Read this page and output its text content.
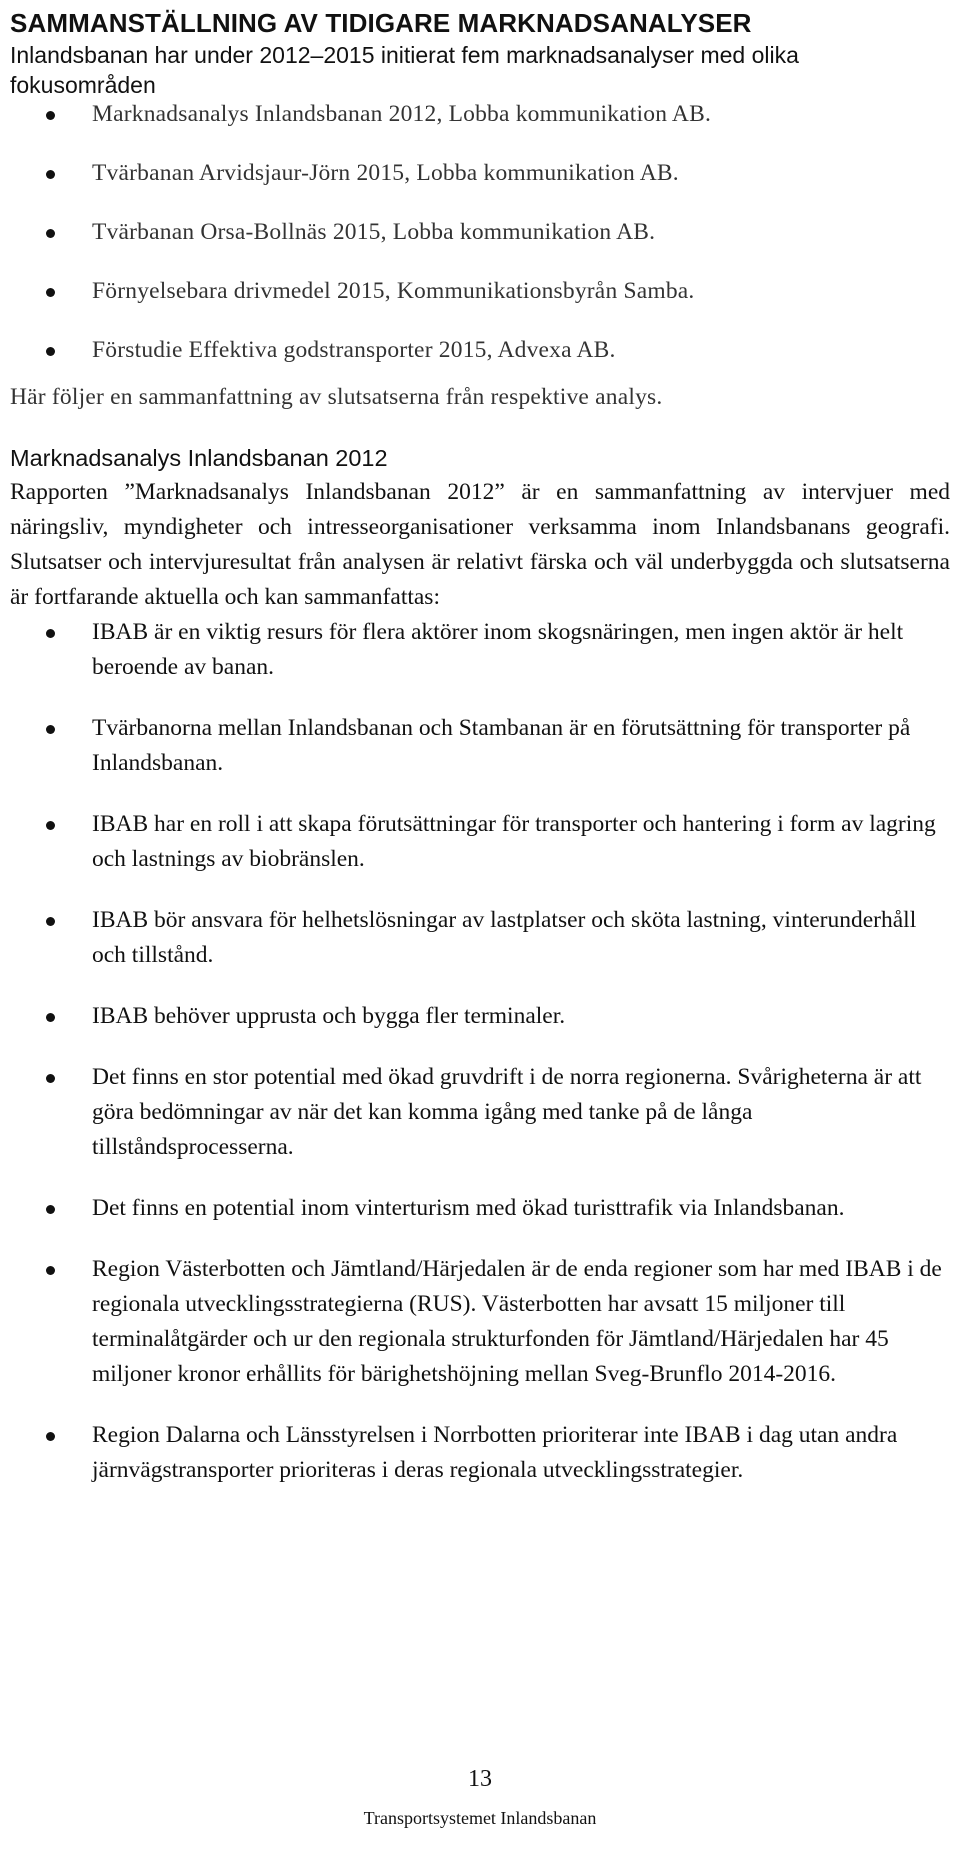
SAMMANSTÄLLNING AV TIDIGARE MARKNADSANALYSER

Inlandsbanan har under 2012–2015 initierat fem marknadsanalyser med olika fokusområden

Marknadsanalys Inlandsbanan 2012, Lobba kommunikation AB.
Tvärbanan Arvidsjaur-Jörn 2015, Lobba kommunikation AB.
Tvärbanan Orsa-Bollnäs 2015, Lobba kommunikation AB.
Förnyelsebara drivmedel 2015, Kommunikationsbyrån Samba.
Förstudie Effektiva godstransporter 2015, Advexa AB.

Här följer en sammanfattning av slutsatserna från respektive analys.

Marknadsanalys Inlandsbanan 2012

Rapporten ”Marknadsanalys Inlandsbanan 2012” är en sammanfattning av intervjuer med näringsliv, myndigheter och intresseorganisationer verksamma inom Inlandsbanans geografi. Slutsatser och intervjuresultat från analysen är relativt färska och väl underbyggda och slutsatserna är fortfarande aktuella och kan sammanfattas:

IBAB är en viktig resurs för flera aktörer inom skogsnäringen, men ingen aktör är helt beroende av banan.
Tvärbanorna mellan Inlandsbanan och Stambanan är en förutsättning för transporter på Inlandsbanan.
IBAB har en roll i att skapa förutsättningar för transporter och hantering i form av lagring och lastnings av biobränslen.
IBAB bör ansvara för helhetslösningar av lastplatser och sköta lastning, vinterunderhåll och tillstånd.
IBAB behöver upprusta och bygga fler terminaler.
Det finns en stor potential med ökad gruvdrift i de norra regionerna. Svårigheterna är att göra bedömningar av när det kan komma igång med tanke på de långa tillståndsprocesserna.
Det finns en potential inom vinterturism med ökad turisttrafik via Inlandsbanan.
Region Västerbotten och Jämtland/Härjedalen är de enda regioner som har med IBAB i de regionala utvecklingsstrategierna (RUS). Västerbotten har avsatt 15 miljoner till terminalåtgärder och ur den regionala strukturfonden för Jämtland/Härjedalen har 45 miljoner kronor erhållits för bärighetshöjning mellan Sveg-Brunflo 2014-2016.
Region Dalarna och Länsstyrelsen i Norrbotten prioriterar inte IBAB i dag utan andra järnvägstransporter prioriteras i deras regionala utvecklingsstrategier.
13
Transportsystemet Inlandsbanan
